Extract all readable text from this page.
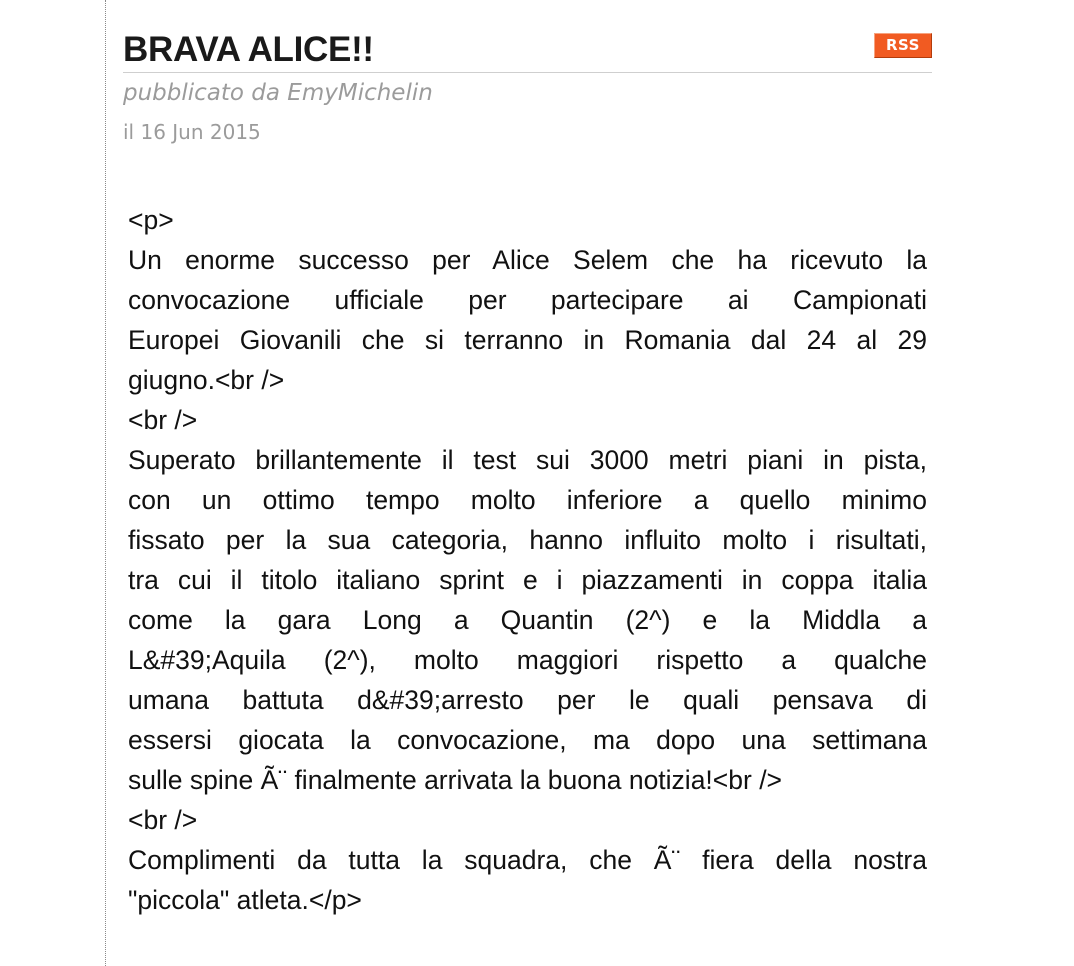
BRAVA ALICE!!	RSS
pubblicato da EmyMichelin
il 16 Jun 2015
<p>
Un enorme successo per Alice Selem che ha ricevuto la
convocazione ufficiale per partecipare ai Campionati
Europei Giovanili che si terranno in Romania dal 24 al 29
giugno.<br />
<br />
Superato brillantemente il test sui 3000 metri piani in pista,
con un ottimo tempo molto inferiore a quello minimo
fissato per la sua categoria, hanno influito molto i risultati,
tra cui il titolo italiano sprint e i piazzamenti in coppa italia
come la gara Long a Quantin (2^) e la Middla a
L&#39;Aquila (2^), molto maggiori rispetto a qualche
umana battuta d&#39;arresto per le quali pensava di
essersi giocata la convocazione, ma dopo una settimana
sulle spine Ã¨ finalmente arrivata la buona notizia!<br />
<br />
Complimenti da tutta la squadra, che Ã¨ fiera della nostra
"piccola" atleta.</p>
